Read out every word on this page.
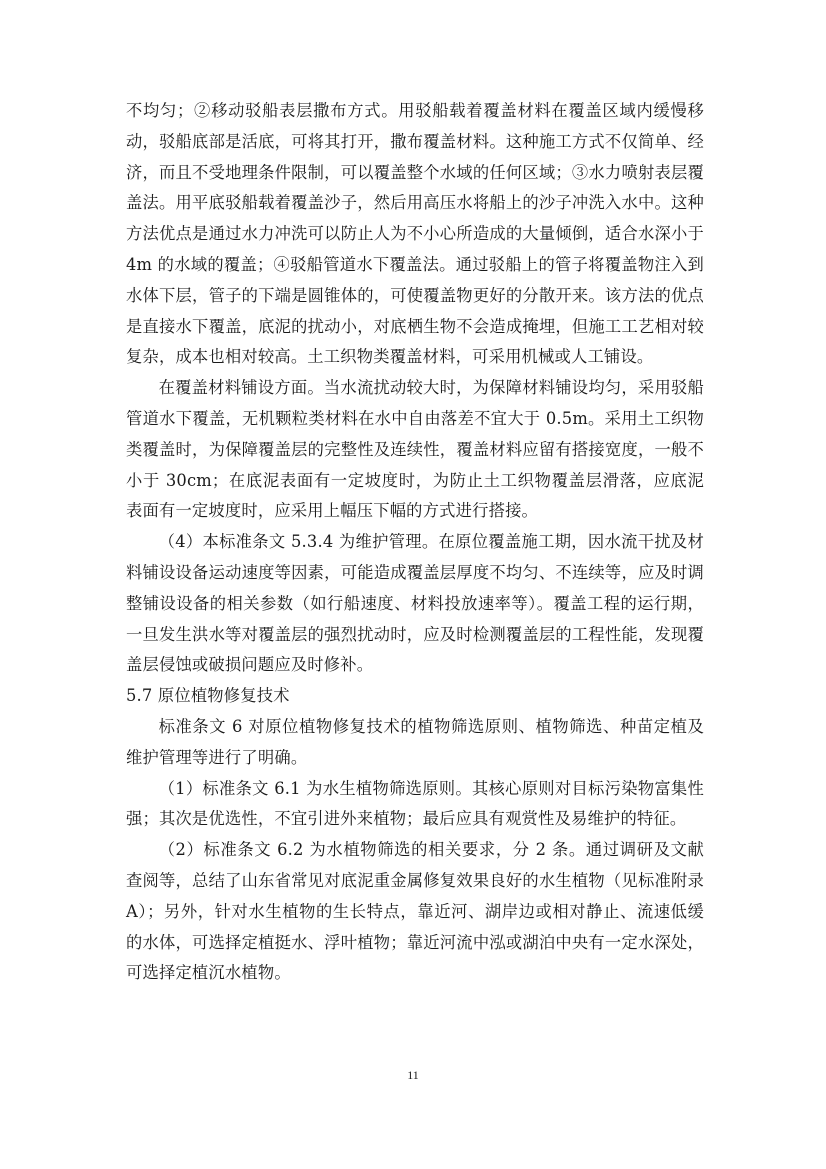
不均匀；②移动驳船表层撒布方式。用驳船载着覆盖材料在覆盖区域内缓慢移动，驳船底部是活底，可将其打开，撒布覆盖材料。这种施工方式不仅简单、经济，而且不受地理条件限制，可以覆盖整个水域的任何区域；③水力喷射表层覆盖法。用平底驳船载着覆盖沙子，然后用高压水将船上的沙子冲洗入水中。这种方法优点是通过水力冲洗可以防止人为不小心所造成的大量倾倒，适合水深小于 4m 的水域的覆盖；④驳船管道水下覆盖法。通过驳船上的管子将覆盖物注入到水体下层，管子的下端是圆锥体的，可使覆盖物更好的分散开来。该方法的优点是直接水下覆盖，底泥的扰动小，对底栖生物不会造成掩埋，但施工工艺相对较复杂，成本也相对较高。土工织物类覆盖材料，可采用机械或人工铺设。

在覆盖材料铺设方面。当水流扰动较大时，为保障材料铺设均匀，采用驳船管道水下覆盖，无机颗粒类材料在水中自由落差不宜大于 0.5m。采用土工织物类覆盖时，为保障覆盖层的完整性及连续性，覆盖材料应留有搭接宽度，一般不小于 30cm；在底泥表面有一定坡度时，为防止土工织物覆盖层滑落，应底泥表面有一定坡度时，应采用上幅压下幅的方式进行搭接。

（4）本标准条文 5.3.4 为维护管理。在原位覆盖施工期，因水流干扰及材料铺设设备运动速度等因素，可能造成覆盖层厚度不均匀、不连续等，应及时调整铺设设备的相关参数（如行船速度、材料投放速率等）。覆盖工程的运行期，一旦发生洪水等对覆盖层的强烈扰动时，应及时检测覆盖层的工程性能，发现覆盖层侵蚀或破损问题应及时修补。

5.7 原位植物修复技术

标准条文 6 对原位植物修复技术的植物筛选原则、植物筛选、种苗定植及维护管理等进行了明确。

（1）标准条文 6.1 为水生植物筛选原则。其核心原则对目标污染物富集性强；其次是优选性，不宜引进外来植物；最后应具有观赏性及易维护的特征。

（2）标准条文 6.2 为水植物筛选的相关要求，分 2 条。通过调研及文献查阅等，总结了山东省常见对底泥重金属修复效果良好的水生植物（见标准附录 A）；另外，针对水生植物的生长特点，靠近河、湖岸边或相对静止、流速低缓的水体，可选择定植挺水、浮叶植物；靠近河流中泓或湖泊中央有一定水深处，可选择定植沉水植物。

11
